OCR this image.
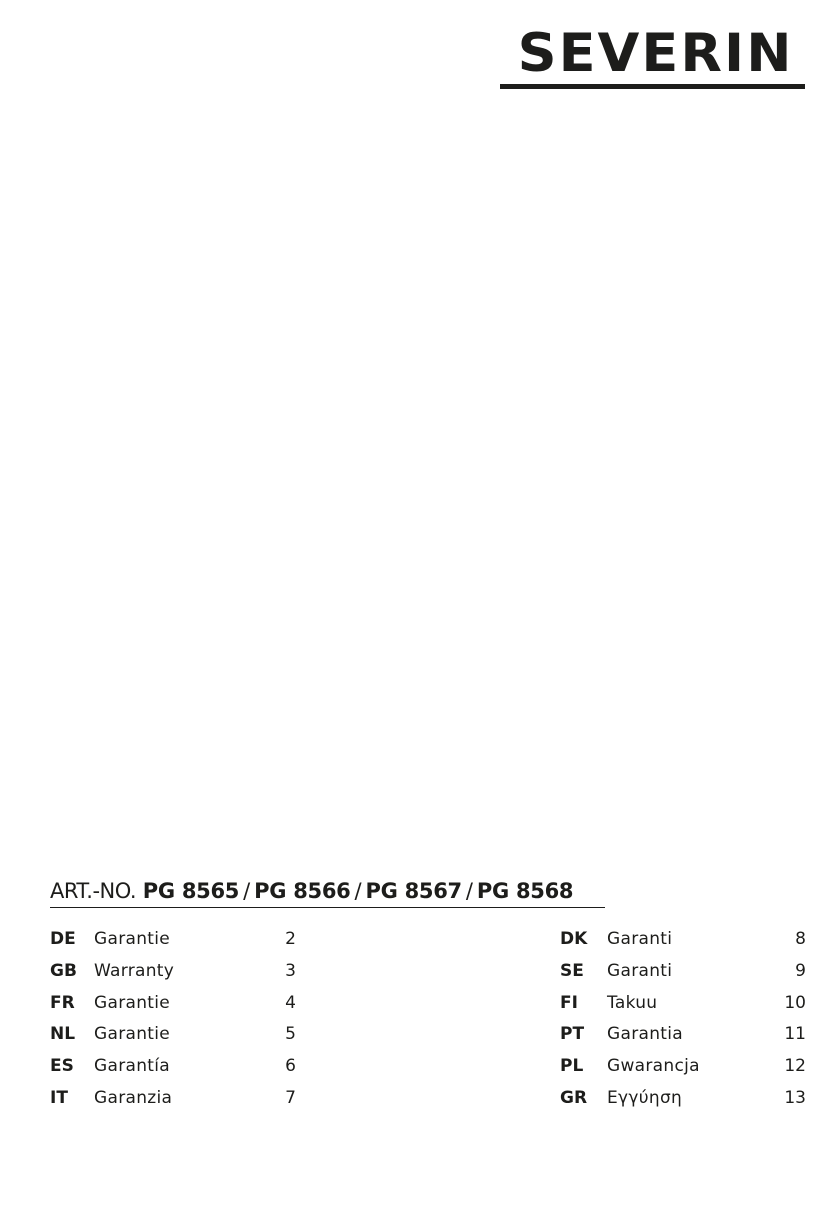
SEVERIN
ART.-NO. PG 8565 / PG 8566 / PG 8567 / PG 8568
DE Garantie	2
GB Warranty	3
FR Garantie	4
NL Garantie	5
ES Garantía	6
IT Garanzia	7
DK Garanti	8
SE Garanti	9
FI Takuu	10
PT Garantia	11
PL Gwarancja	12
GR Εγγύηση	13
